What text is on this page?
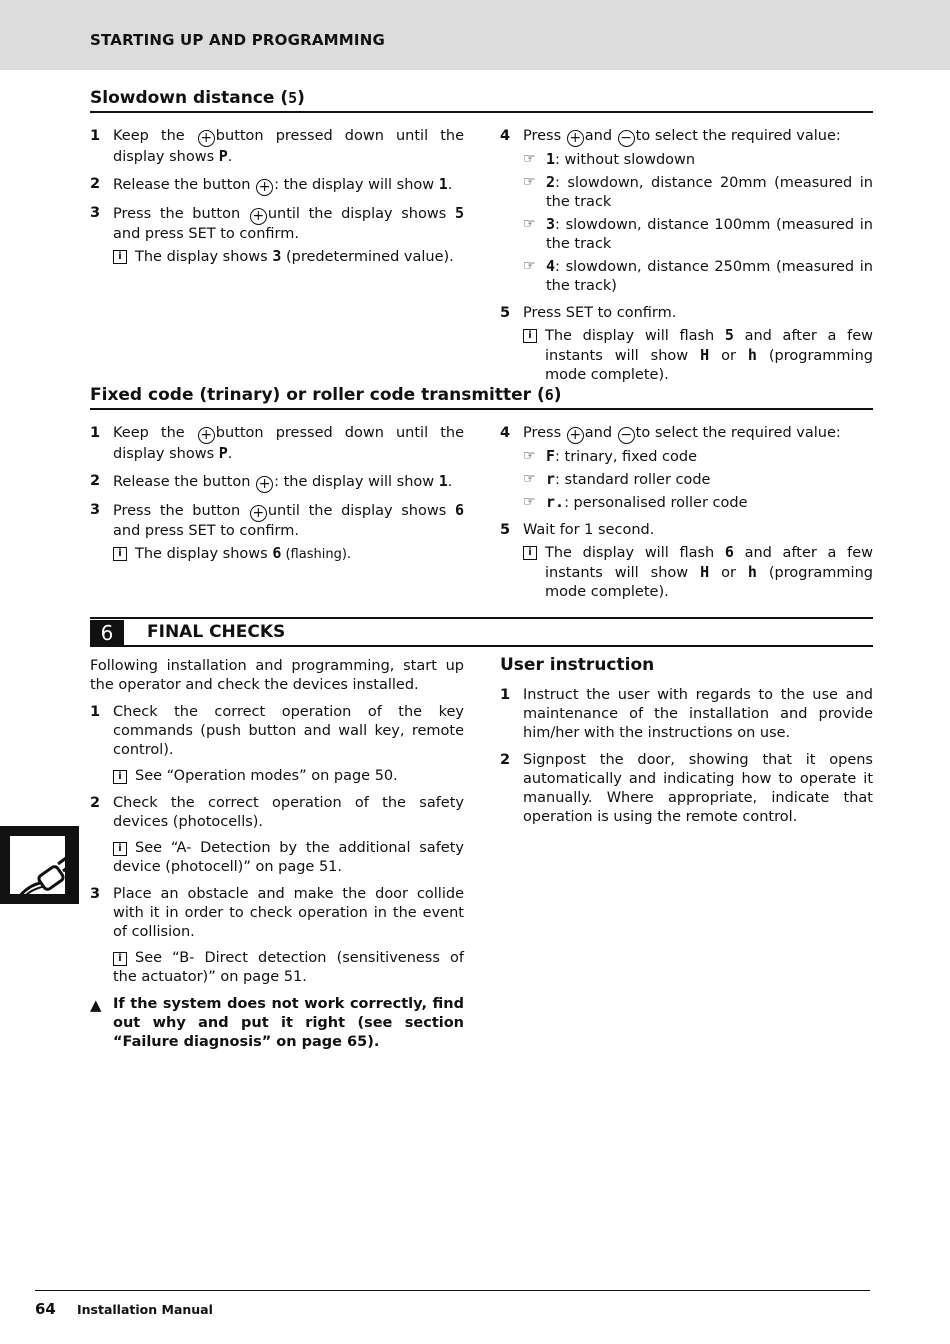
STARTING UP AND PROGRAMMING
Slowdown distance (5)
1 Keep the + button pressed down until the display shows P.
2 Release the button + : the display will show 1.
3 Press the button + until the display shows 5 and press SET to confirm.
i The display shows 3 (predetermined value).
4 Press + and − to select the required value:
☞ 1: without slowdown
☞ 2: slowdown, distance 20mm (measured in the track
☞ 3: slowdown, distance 100mm (measured in the track
☞ 4: slowdown, distance 250mm (measured in the track)
5 Press SET to confirm.
i The display will flash 5 and after a few instants will show H or h (programming mode complete).
Fixed code (trinary) or roller code transmitter (6)
1 Keep the + button pressed down until the display shows P.
2 Release the button + : the display will show 1.
3 Press the button + until the display shows 6 and press SET to confirm.
i The display shows 6 (flashing).
4 Press + and − to select the required value:
☞ F: trinary, fixed code
☞ r: standard roller code
☞ r.: personalised roller code
5 Wait for 1 second.
i The display will flash 6 and after a few instants will show H or h (programming mode complete).
6	FINAL CHECKS
Following installation and programming, start up the operator and check the devices installed.
1 Check the correct operation of the key commands (push button and wall key, remote control).
i See “Operation modes” on page 50.
2 Check the correct operation of the safety devices (photocells).
i See “A- Detection by the additional safety device (photocell)” on page 51.
3 Place an obstacle and make the door collide with it in order to check operation in the event of collision.
i See “B- Direct detection (sensitiveness of the actuator)” on page 51.
▲ If the system does not work correctly, find out why and put it right (see section “Failure diagnosis” on page 65).
User instruction
1 Instruct the user with regards to the use and maintenance of the installation and provide him/her with the instructions on use.
2 Signpost the door, showing that it opens automatically and indicating how to operate it manually. Where appropriate, indicate that operation is using the remote control.
64 Installation Manual
